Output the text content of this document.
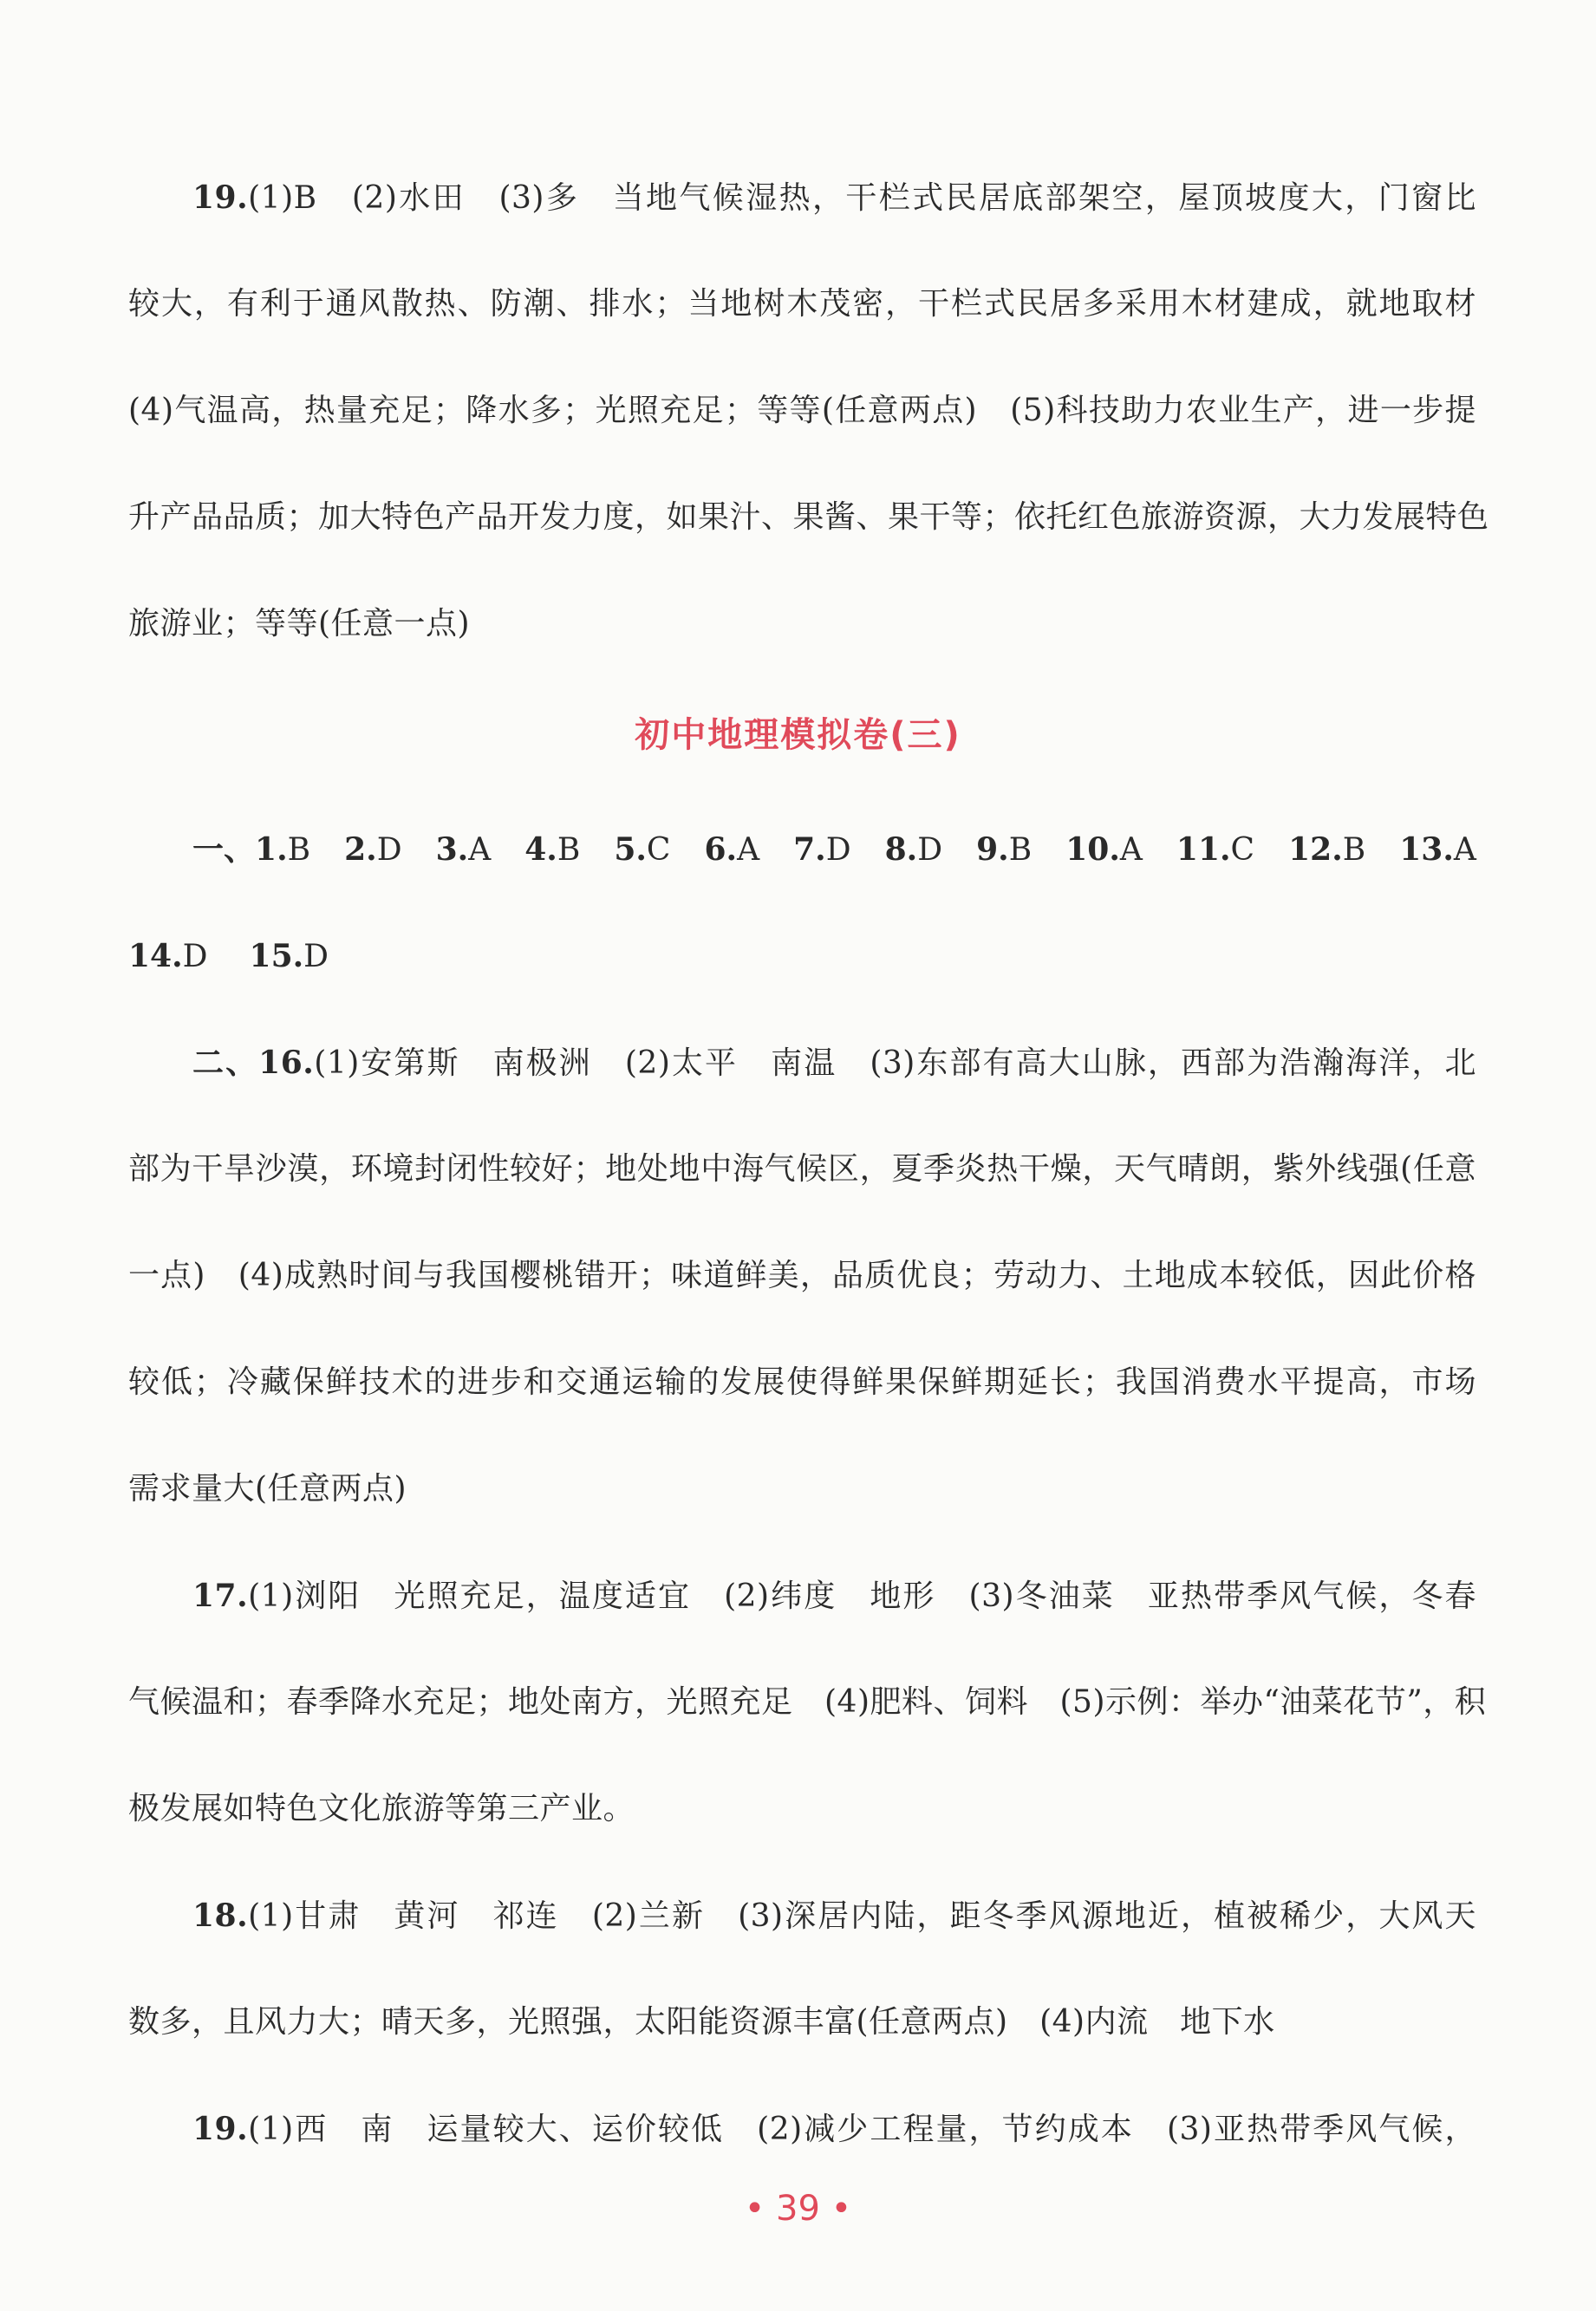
19.(1)B　(2)水田　(3)多　当地气候湿热，干栏式民居底部架空，屋顶坡度大，门窗比
较大，有利于通风散热、防潮、排水；当地树木茂密，干栏式民居多采用木材建成，就地取材
(4)气温高，热量充足；降水多；光照充足；等等(任意两点)　(5)科技助力农业生产，进一步提
升产品品质；加大特色产品开发力度，如果汁、果酱、果干等；依托红色旅游资源，大力发展特色
旅游业；等等(任意一点)
初中地理模拟卷(三)
一、1.B 2.D 3.A 4.B 5.C 6.A 7.D 8.D 9.B 10.A 11.C 12.B 13.A
14.D 15.D
二、16.(1)安第斯　南极洲　(2)太平　南温　(3)东部有高大山脉，西部为浩瀚海洋，北
部为干旱沙漠，环境封闭性较好；地处地中海气候区，夏季炎热干燥，天气晴朗，紫外线强(任意
一点)　(4)成熟时间与我国樱桃错开；味道鲜美，品质优良；劳动力、土地成本较低，因此价格
较低；冷藏保鲜技术的进步和交通运输的发展使得鲜果保鲜期延长；我国消费水平提高，市场
需求量大(任意两点)
17.(1)浏阳　光照充足，温度适宜　(2)纬度　地形　(3)冬油菜　亚热带季风气候，冬春
气候温和；春季降水充足；地处南方，光照充足　(4)肥料、饲料　(5)示例：举办“油菜花节”，积
极发展如特色文化旅游等第三产业。
18.(1)甘肃　黄河　祁连　(2)兰新　(3)深居内陆，距冬季风源地近，植被稀少，大风天
数多，且风力大；晴天多，光照强，太阳能资源丰富(任意两点)　(4)内流　地下水
19.(1)西　南　运量较大、运价较低　(2)减少工程量，节约成本　(3)亚热带季风气候，
• 39 •
